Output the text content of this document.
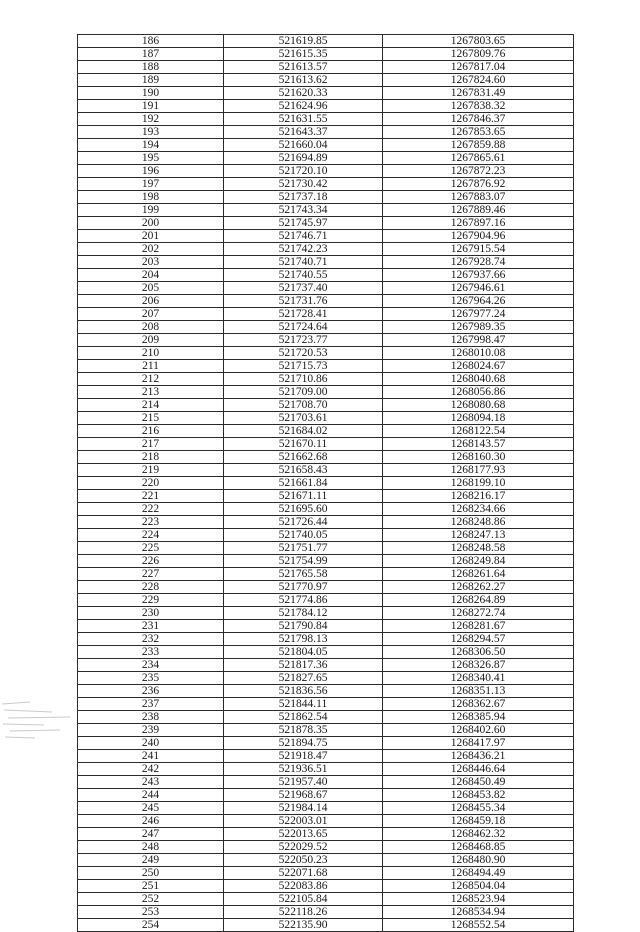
186	521619.85	1267803.65
187	521615.35	1267809.76
188	521613.57	1267817.04
189	521613.62	1267824.60
190	521620.33	1267831.49
191	521624.96	1267838.32
192	521631.55	1267846.37
193	521643.37	1267853.65
194	521660.04	1267859.88
195	521694.89	1267865.61
196	521720.10	1267872.23
197	521730.42	1267876.92
198	521737.18	1267883.07
199	521743.34	1267889.46
200	521745.97	1267897.16
201	521746.71	1267904.96
202	521742.23	1267915.54
203	521740.71	1267928.74
204	521740.55	1267937.66
205	521737.40	1267946.61
206	521731.76	1267964.26
207	521728.41	1267977.24
208	521724.64	1267989.35
209	521723.77	1267998.47
210	521720.53	1268010.08
211	521715.73	1268024.67
212	521710.86	1268040.68
213	521709.00	1268056.86
214	521708.70	1268080.68
215	521703.61	1268094.18
216	521684.02	1268122.54
217	521670.11	1268143.57
218	521662.68	1268160.30
219	521658.43	1268177.93
220	521661.84	1268199.10
221	521671.11	1268216.17
222	521695.60	1268234.66
223	521726.44	1268248.86
224	521740.05	1268247.13
225	521751.77	1268248.58
226	521754.99	1268249.84
227	521765.58	1268261.64
228	521770.97	1268262.27
229	521774.86	1268264.89
230	521784.12	1268272.74
231	521790.84	1268281.67
232	521798.13	1268294.57
233	521804.05	1268306.50
234	521817.36	1268326.87
235	521827.65	1268340.41
236	521836.56	1268351.13
237	521844.11	1268362.67
238	521862.54	1268385.94
239	521878.35	1268402.60
240	521894.75	1268417.97
241	521918.47	1268436.21
242	521936.51	1268446.64
243	521957.40	1268450.49
244	521968.67	1268453.82
245	521984.14	1268455.34
246	522003.01	1268459.18
247	522013.65	1268462.32
248	522029.52	1268468.85
249	522050.23	1268480.90
250	522071.68	1268494.49
251	522083.86	1268504.04
252	522105.84	1268523.94
253	522118.26	1268534.94
254	522135.90	1268552.54
